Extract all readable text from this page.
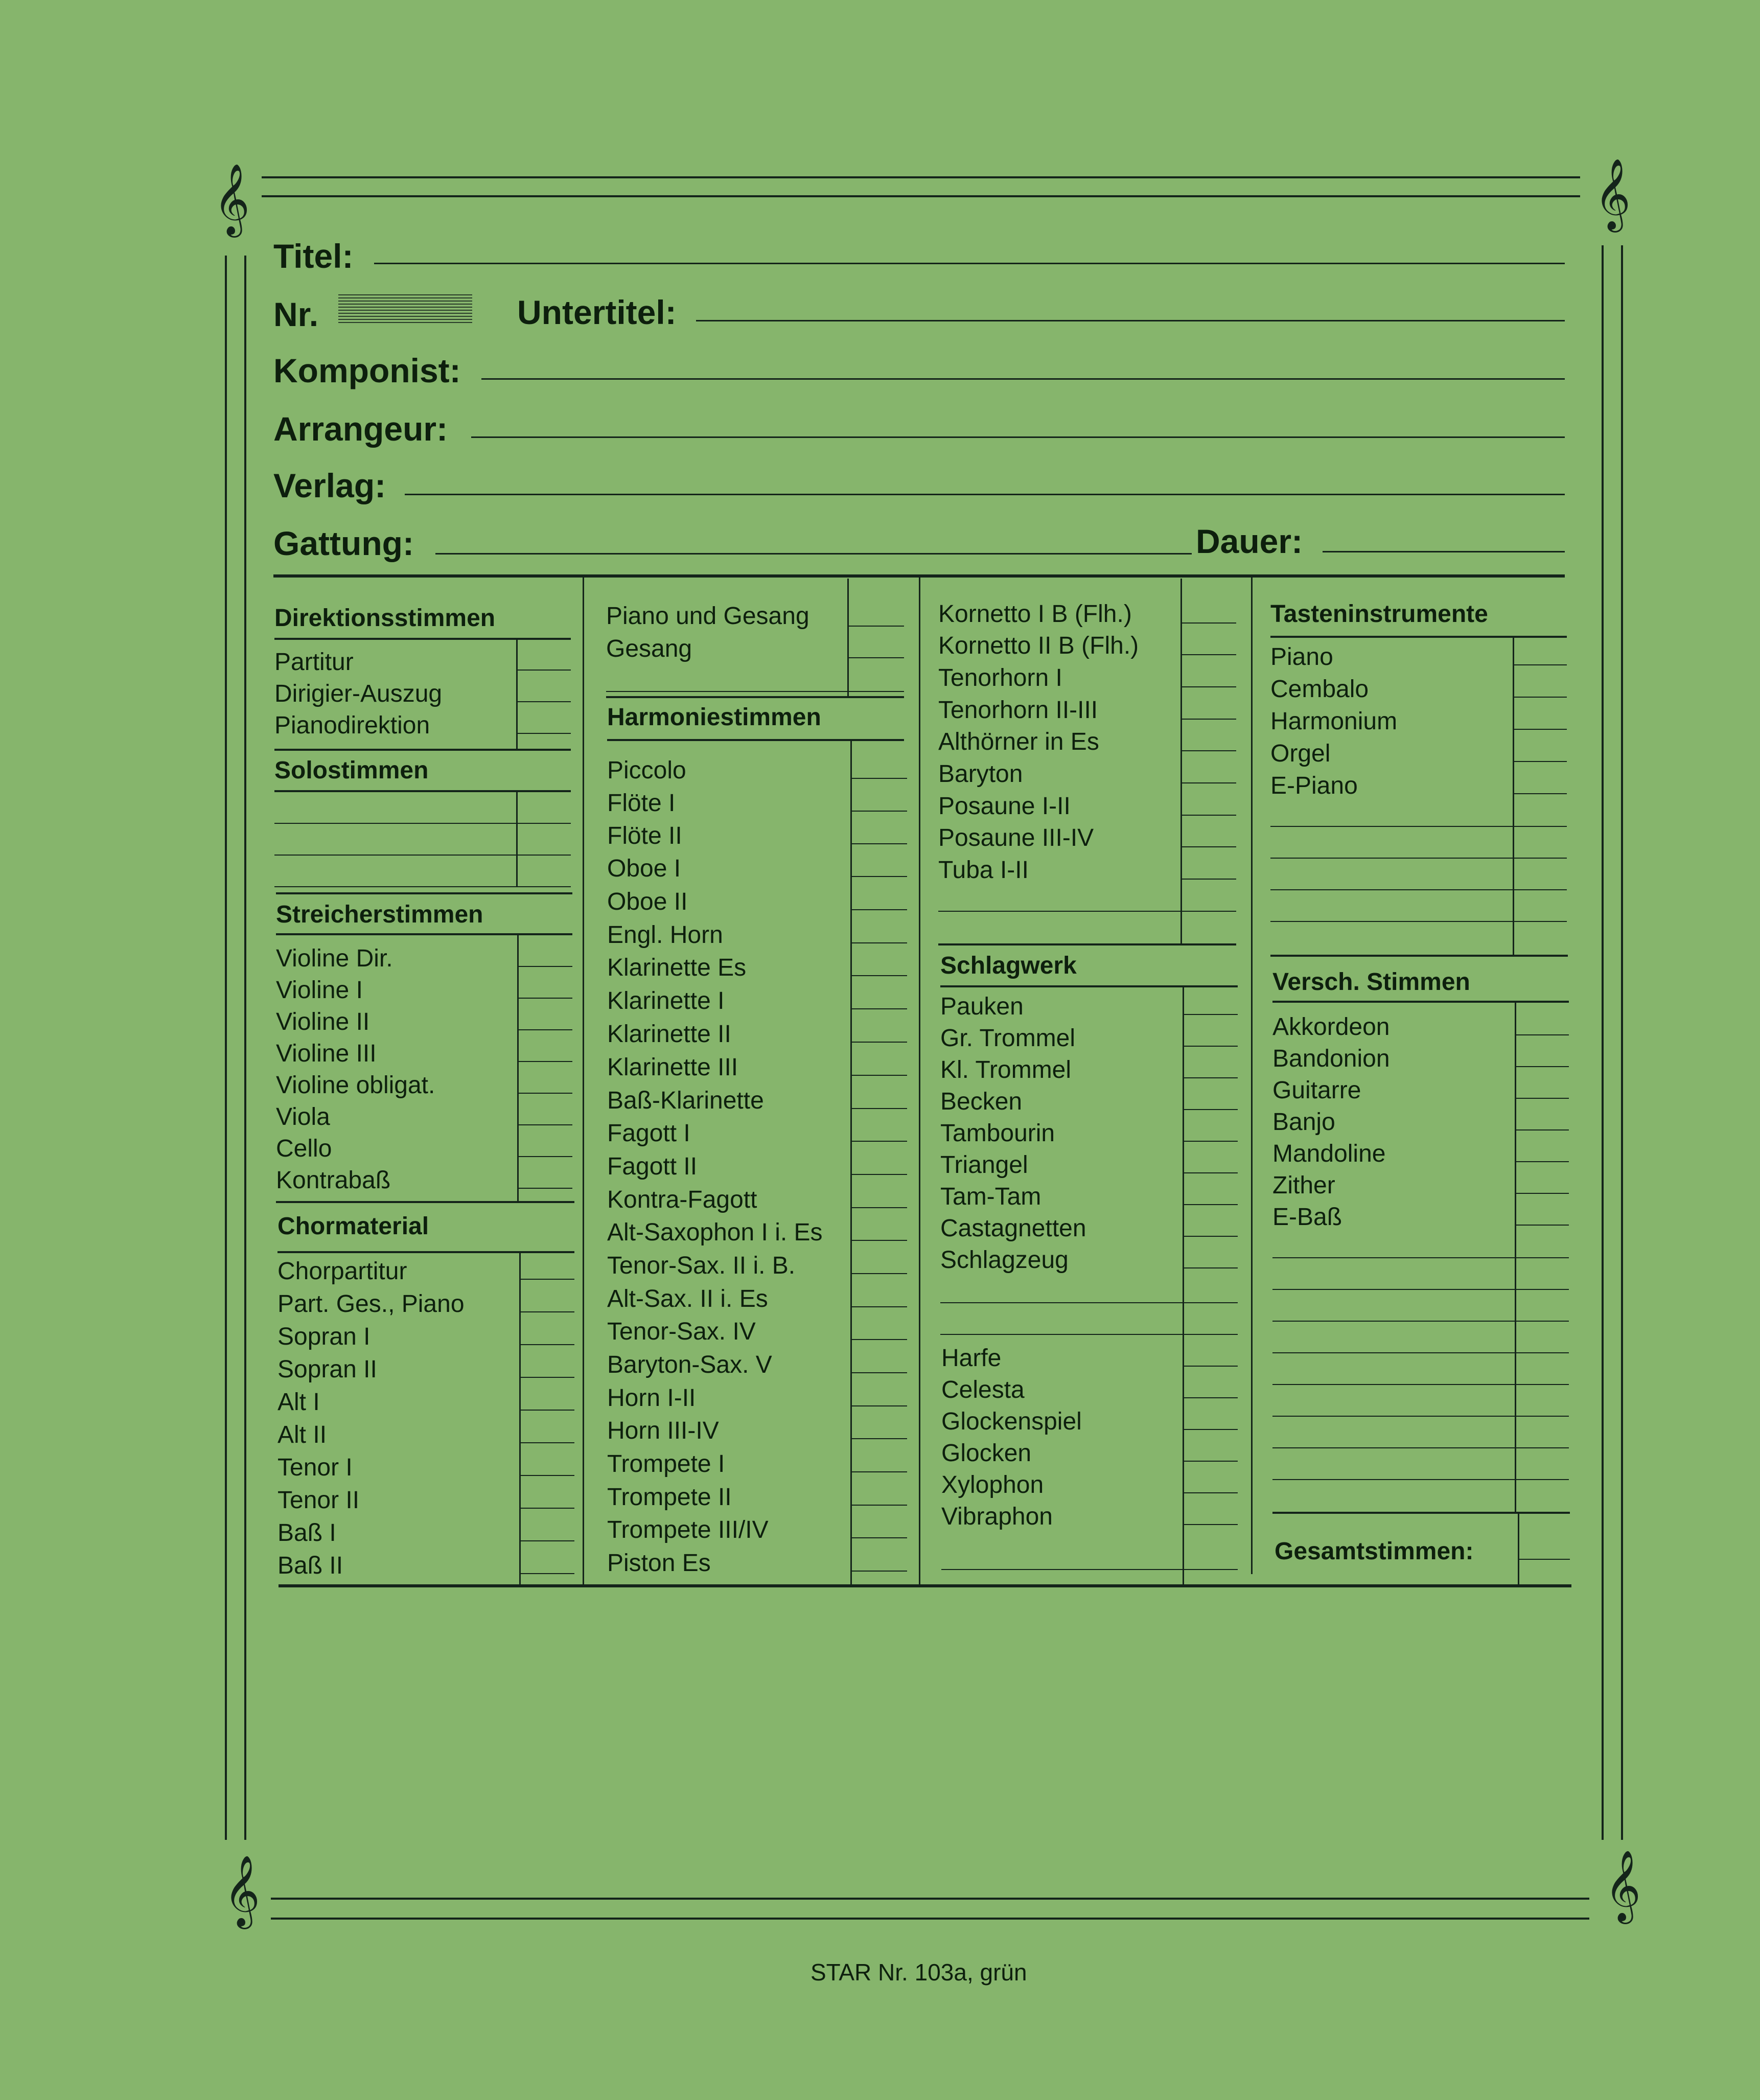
𝄞	𝄞
𝄞	𝄞
Titel:
Nr.	Untertitel:
Komponist:
Arrangeur:
Verlag:
Gattung:	Dauer:
Direktionsstimmen
Partitur
Dirigier-Auszug
Pianodirektion
Solostimmen
Streicherstimmen
Violine Dir.
Violine I
Violine II
Violine III
Violine obligat.
Viola
Cello
Kontrabaß
Chormaterial
Chorpartitur
Part. Ges., Piano
Sopran I
Sopran II
Alt I
Alt II
Tenor I
Tenor II
Baß I
Baß II
Piano und Gesang
Gesang
Harmoniestimmen
Piccolo
Flöte I
Flöte II
Oboe I
Oboe II
Engl. Horn
Klarinette Es
Klarinette I
Klarinette II
Klarinette III
Baß-Klarinette
Fagott I
Fagott II
Kontra-Fagott
Alt-Saxophon I i. Es
Tenor-Sax. II i. B.
Alt-Sax. II i. Es
Tenor-Sax. IV
Baryton-Sax. V
Horn I-II
Horn III-IV
Trompete I
Trompete II
Trompete III/IV
Piston Es
Kornetto I B (Flh.)
Kornetto II B (Flh.)
Tenorhorn I
Tenorhorn II-III
Althörner in Es
Baryton
Posaune I-II
Posaune III-IV
Tuba I-II
Schlagwerk
Pauken
Gr. Trommel
Kl. Trommel
Becken
Tambourin
Triangel
Tam-Tam
Castagnetten
Schlagzeug
Harfe
Celesta
Glockenspiel
Glocken
Xylophon
Vibraphon
Tasteninstrumente
Piano
Cembalo
Harmonium
Orgel
E-Piano
Versch. Stimmen
Akkordeon
Bandonion
Guitarre
Banjo
Mandoline
Zither
E-Baß
Gesamtstimmen:
STAR Nr. 103a, grün
